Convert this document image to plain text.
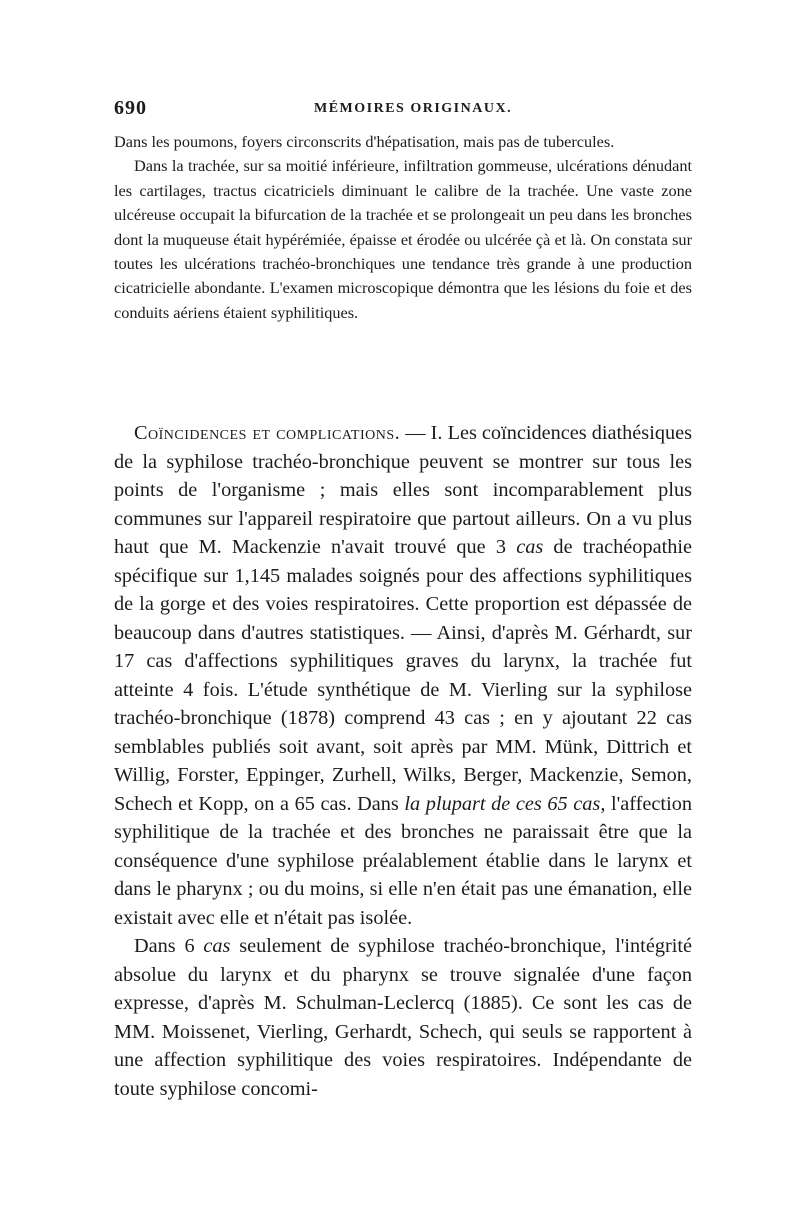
690	MÉMOIRES ORIGINAUX.

Dans les poumons, foyers circonscrits d'hépatisation, mais pas de tubercules.

Dans la trachée, sur sa moitié inférieure, infiltration gommeuse, ulcérations dénudant les cartilages, tractus cicatriciels diminuant le calibre de la trachée. Une vaste zone ulcéreuse occupait la bifurcation de la trachée et se prolongeait un peu dans les bronches dont la muqueuse était hypérémiée, épaisse et érodée ou ulcérée çà et là. On constata sur toutes les ulcérations trachéo-bronchiques une tendance très grande à une production cicatricielle abondante. L'examen microscopique démontra que les lésions du foie et des conduits aériens étaient syphilitiques.

Coïncidences et complications. — I. Les coïncidences diathésiques de la syphilose trachéo-bronchique peuvent se montrer sur tous les points de l'organisme ; mais elles sont incomparablement plus communes sur l'appareil respiratoire que partout ailleurs. On a vu plus haut que M. Mackenzie n'avait trouvé que 3 cas de trachéopathie spécifique sur 1,145 malades soignés pour des affections syphilitiques de la gorge et des voies respiratoires. Cette proportion est dépassée de beaucoup dans d'autres statistiques. — Ainsi, d'après M. Gérhardt, sur 17 cas d'affections syphilitiques graves du larynx, la trachée fut atteinte 4 fois. L'étude synthétique de M. Vierling sur la syphilose trachéo-bronchique (1878) comprend 43 cas ; en y ajoutant 22 cas semblables publiés soit avant, soit après par MM. Münk, Dittrich et Willig, Forster, Eppinger, Zurhell, Wilks, Berger, Mackenzie, Semon, Schech et Kopp, on a 65 cas. Dans la plupart de ces 65 cas, l'affection syphilitique de la trachée et des bronches ne paraissait être que la conséquence d'une syphilose préalablement établie dans le larynx et dans le pharynx ; ou du moins, si elle n'en était pas une émanation, elle existait avec elle et n'était pas isolée.

Dans 6 cas seulement de syphilose trachéo-bronchique, l'intégrité absolue du larynx et du pharynx se trouve signalée d'une façon expresse, d'après M. Schulman-Leclercq (1885). Ce sont les cas de MM. Moissenet, Vierling, Gerhardt, Schech, qui seuls se rapportent à une affection syphilitique des voies respiratoires. Indépendante de toute syphilose concomi-
